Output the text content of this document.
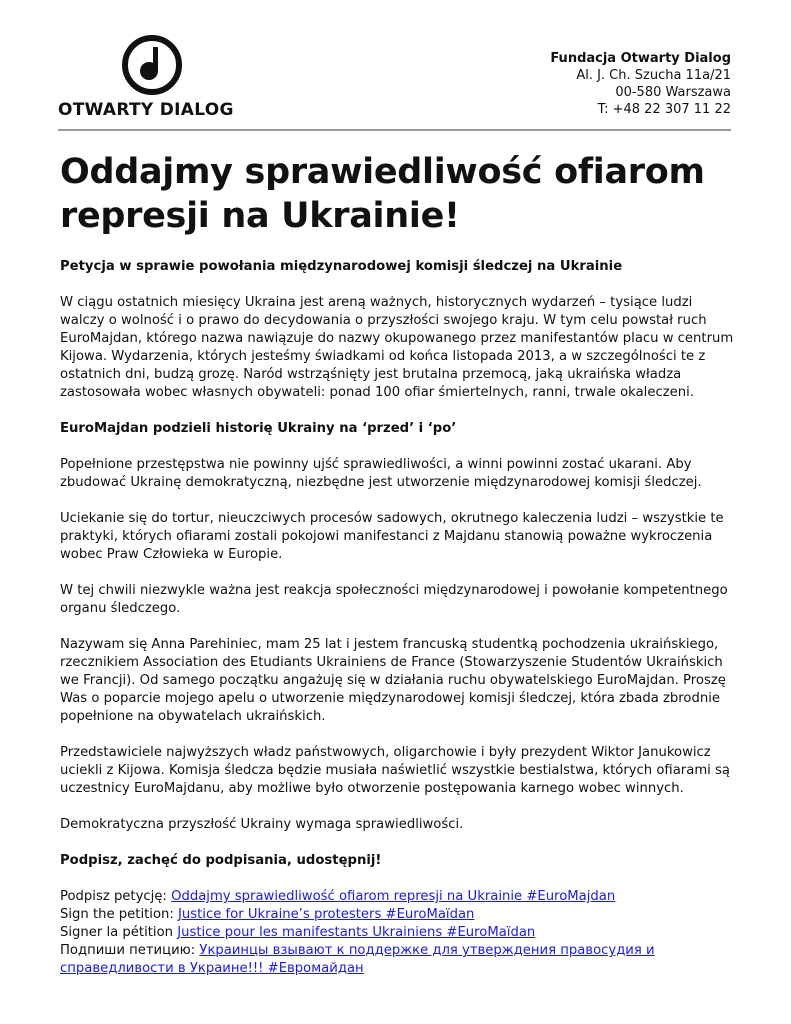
OTWARTY DIALOG
Fundacja Otwarty Dialog
Al. J. Ch. Szucha 11a/21
00-580 Warszawa
T: +48 22 307 11 22
Oddajmy sprawiedliwość ofiarom represji na Ukrainie!

Petycja w sprawie powołania międzynarodowej komisji śledczej na Ukrainie

W ciągu ostatnich miesięcy Ukraina jest areną ważnych, historycznych wydarzeń – tysiące ludzi walczy o wolność i o prawo do decydowania o przyszłości swojego kraju. W tym celu powstał ruch EuroMajdan, którego nazwa nawiązuje do nazwy okupowanego przez manifestantów placu w centrum Kijowa. Wydarzenia, których jesteśmy świadkami od końca listopada 2013, a w szczególności te z ostatnich dni, budzą grozę. Naród wstrząśnięty jest brutalna przemocą, jaką ukraińska władza zastosowała wobec własnych obywateli: ponad 100 ofiar śmiertelnych, ranni, trwale okaleczeni.

EuroMajdan podzieli historię Ukrainy na ‘przed’ i ‘po’

Popełnione przestępstwa nie powinny ujść sprawiedliwości, a winni powinni zostać ukarani. Aby zbudować Ukrainę demokratyczną, niezbędne jest utworzenie międzynarodowej komisji śledczej.

Uciekanie się do tortur, nieuczciwych procesów sadowych, okrutnego kaleczenia ludzi – wszystkie te praktyki, których ofiarami zostali pokojowi manifestanci z Majdanu stanowią poważne wykroczenia wobec Praw Człowieka w Europie.

W tej chwili niezwykle ważna jest reakcja społeczności międzynarodowej i powołanie kompetentnego organu śledczego.

Nazywam się Anna Parehiniec, mam 25 lat i jestem francuską studentką pochodzenia ukraińskiego, rzecznikiem Association des Etudiants Ukrainiens de France (Stowarzyszenie Studentów Ukraińskich we Francji). Od samego początku angażuję się w działania ruchu obywatelskiego EuroMajdan. Proszę Was o poparcie mojego apelu o utworzenie międzynarodowej komisji śledczej, która zbada zbrodnie popełnione na obywatelach ukraińskich.

Przedstawiciele najwyższych władz państwowych, oligarchowie i były prezydent Wiktor Janukowicz uciekli z Kijowa. Komisja śledcza będzie musiała naświetlić wszystkie bestialstwa, których ofiarami są uczestnicy EuroMajdanu, aby możliwe było otworzenie postępowania karnego wobec winnych.

Demokratyczna przyszłość Ukrainy wymaga sprawiedliwości.

Podpisz, zachęć do podpisania, udostępnij!

Podpisz petycję: Oddajmy sprawiedliwość ofiarom represji na Ukrainie #EuroMajdan

Sign the petition: Justice for Ukraine’s protesters #EuroMaïdan

Signer la pétition Justice pour les manifestants Ukrainiens #EuroMaïdan

Подпиши петицию: Украинцы взывают к поддержке для утверждения правосудия и справедливости в Украине!!! #Евромайдан
